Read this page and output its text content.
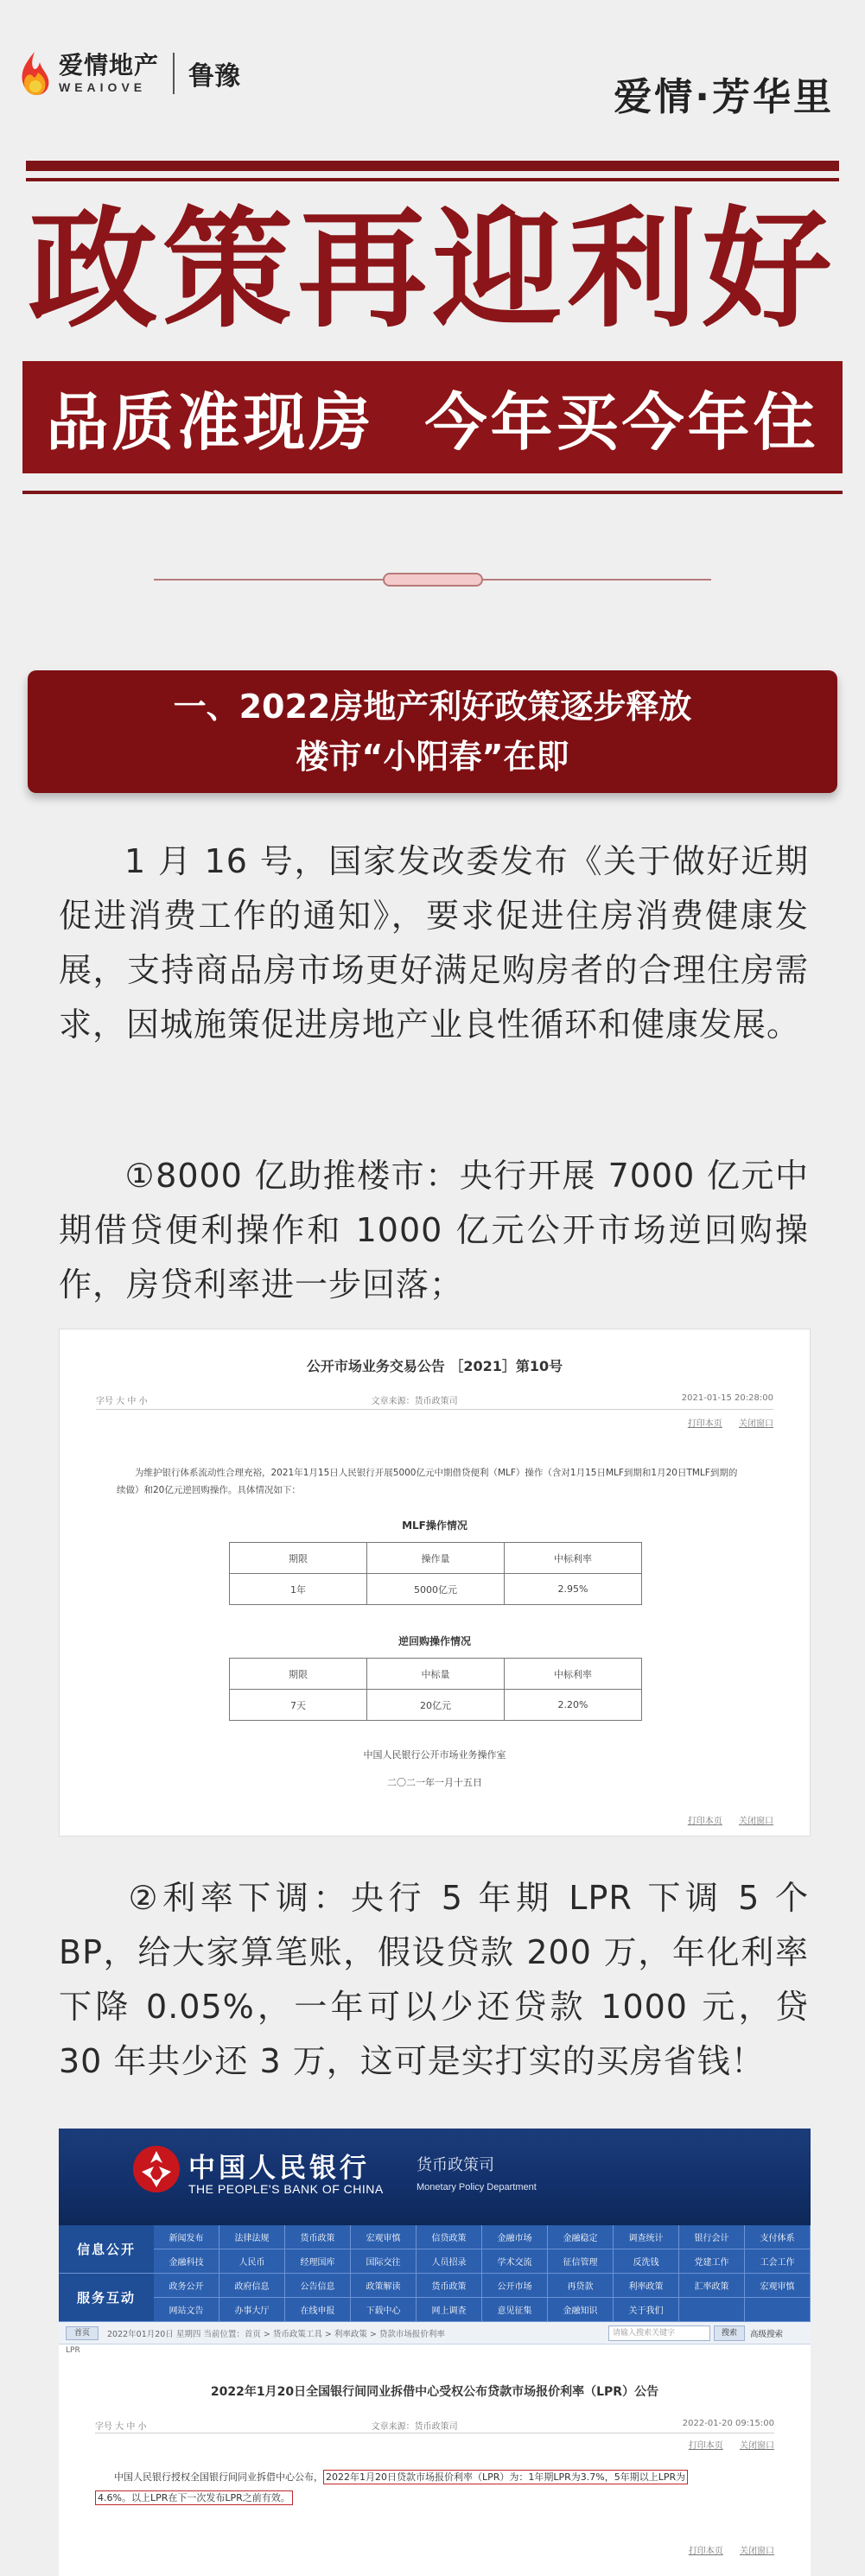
爱情地产
WEAIOVE	鲁豫	爱情·芳华里
政策再迎利好
品质准现房  今年买今年住
一、2022房地产利好政策逐步释放
楼市“小阳春”在即
1 月 16 号，国家发改委发布《关于做好近期促进消费工作的通知》，要求促进住房消费健康发展，支持商品房市场更好满足购房者的合理住房需求，因城施策促进房地产业良性循环和健康发展。
①8000 亿助推楼市：央行开展 7000 亿元中期借贷便利操作和 1000 亿元公开市场逆回购操作，房贷利率进一步回落；
公开市场业务交易公告 ［2021］第10号
字号 大 中 小	文章来源：货币政策司	2021-01-15 20:28:00
打印本页 关闭窗口
为维护银行体系流动性合理充裕，2021年1月15日人民银行开展5000亿元中期借贷便利（MLF）操作（含对1月15日MLF到期和1月20日TMLF到期的续做）和20亿元逆回购操作。具体情况如下：
MLF操作情况
期限	操作量	中标利率
1年	5000亿元	2.95%
逆回购操作情况
期限	中标量	中标利率
7天	20亿元	2.20%
中国人民银行公开市场业务操作室
二〇二一年一月十五日
打印本页 关闭窗口
②利率下调：央行 5 年期 LPR 下调 5 个 BP，给大家算笔账，假设贷款 200 万，年化利率下降 0.05%，一年可以少还贷款 1000 元，贷 30 年共少还 3 万，这可是实打实的买房省钱！
中国人民银行
THE PEOPLE'S BANK OF CHINA
货币政策司
Monetary Policy Department
信息公开
服务互动
新闻发布	法律法规	货币政策	宏观审慎	信贷政策	金融市场	金融稳定	调查统计	银行会计	支付体系
金融科技	人民币	经理国库	国际交往	人员招录	学术交流	征信管理	反洗钱	党建工作	工会工作
政务公开	政府信息	公告信息	政策解读	货币政策	公开市场	再贷款	利率政策	汇率政策	宏观审慎
网站文告	办事大厅	在线申报	下载中心	网上调查	意见征集	金融知识	关于我们
首页	2022年01月20日 星期四 当前位置：首页 > 货币政策工具 > 利率政策 > 贷款市场报价利率	请输入搜索关键字	搜索	高级搜索
LPR
2022年1月20日全国银行间同业拆借中心受权公布贷款市场报价利率（LPR）公告
字号 大 中 小	文章来源：货币政策司	2022-01-20 09:15:00
打印本页 关闭窗口
中国人民银行授权全国银行间同业拆借中心公布， 2022年1月20日贷款市场报价利率（LPR）为：1年期LPR为3.7%，5年期以上LPR为
4.6%。以上LPR在下一次发布LPR之前有效。
打印本页 关闭窗口
